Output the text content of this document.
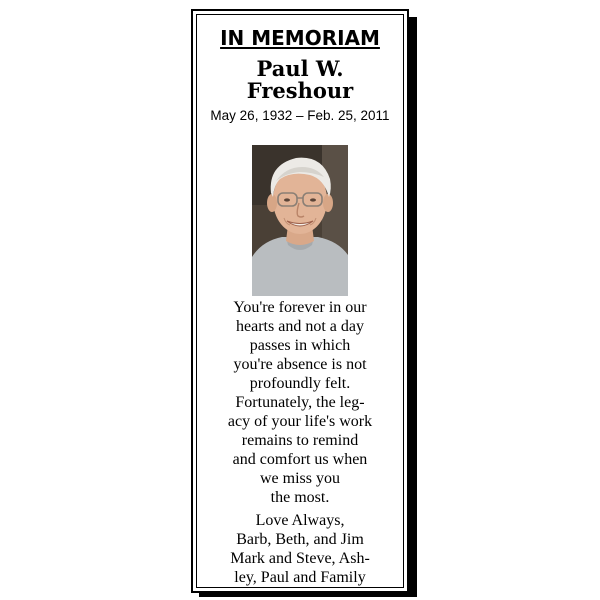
IN MEMORIAM
Paul W.
Freshour
May 26, 1932 – Feb. 25, 2011
You're forever in our
hearts and not a day
passes in which
you're absence is not
profoundly felt.
Fortunately, the leg-
acy of your life's work
remains to remind
and comfort us when
we miss you
the most.
Love Always,
Barb, Beth, and Jim
Mark and Steve, Ash-
ley, Paul and Family
